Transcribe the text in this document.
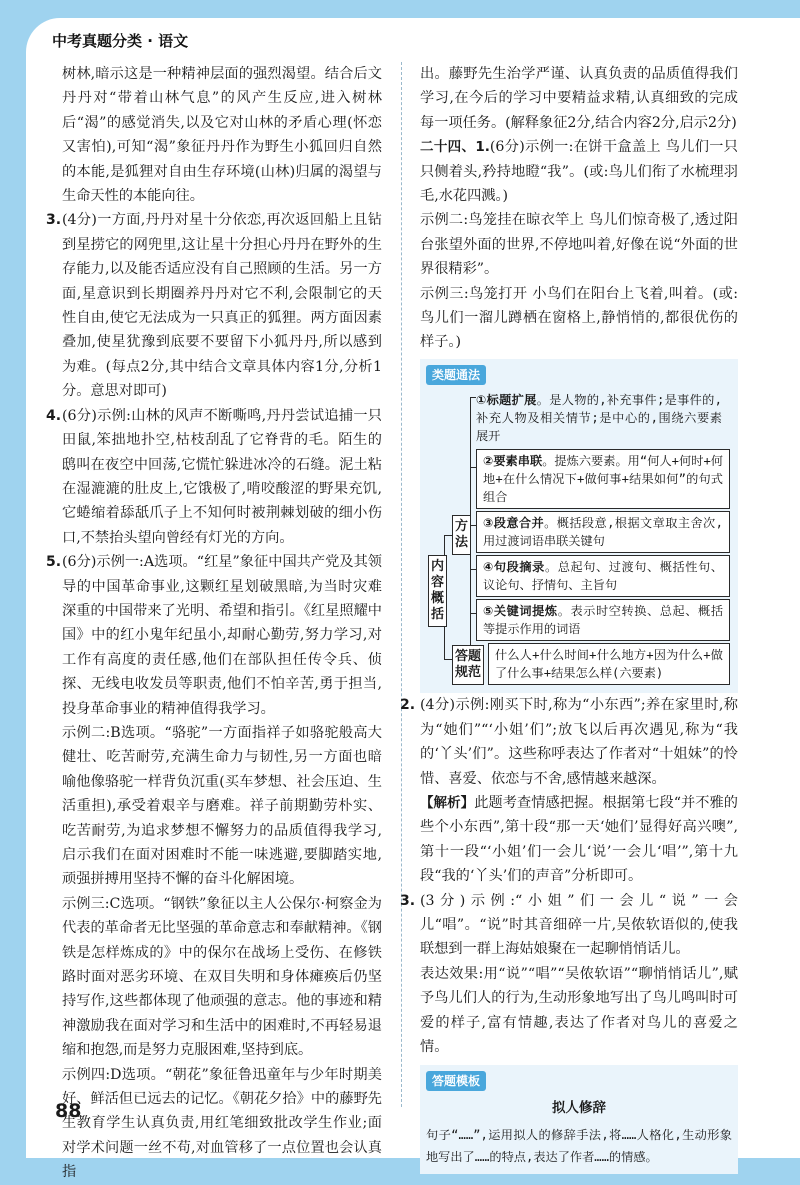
中考真题分类 · 语文

树林,暗示这是一种精神层面的强烈渴望。结合后文丹丹对“带着山林气息”的风产生反应,进入树林后“渴”的感觉消失,以及它对山林的矛盾心理(怀恋又害怕),可知“渴”象征丹丹作为野生小狐回归自然的本能,是狐狸对自由生存环境(山林)归属的渴望与生命天性的本能向往。

3. (4分)一方面,丹丹对星十分依恋,再次返回船上且钻到星捞它的网兜里,这让星十分担心丹丹在野外的生存能力,以及能否适应没有自己照顾的生活。另一方面,星意识到长期圈养丹丹对它不利,会限制它的天性自由,使它无法成为一只真正的狐狸。两方面因素叠加,使星犹豫到底要不要留下小狐丹丹,所以感到为难。(每点2分,其中结合文章具体内容1分,分析1分。意思对即可)

4. (6分)示例:山林的风声不断嘶鸣,丹丹尝试追捕一只田鼠,笨拙地扑空,枯枝刮乱了它脊背的毛。陌生的鸱叫在夜空中回荡,它慌忙躲进冰冷的石缝。泥土粘在湿漉漉的肚皮上,它饿极了,啃咬酸涩的野果充饥,它蜷缩着舔舐爪子上不知何时被荆棘划破的细小伤口,不禁抬头望向曾经有灯光的方向。

5. (6分)示例一:A选项。“红星”象征中国共产党及其领导的中国革命事业,这颗红星划破黑暗,为当时灾难深重的中国带来了光明、希望和指引。《红星照耀中国》中的红小鬼年纪虽小,却耐心勤劳,努力学习,对工作有高度的责任感,他们在部队担任传令兵、侦探、无线电收发员等职责,他们不怕辛苦,勇于担当,投身革命事业的精神值得我学习。

示例二:B选项。“骆驼”一方面指祥子如骆驼般高大健壮、吃苦耐劳,充满生命力与韧性,另一方面也暗喻他像骆驼一样背负沉重(买车梦想、社会压迫、生活重担),承受着艰辛与磨难。祥子前期勤劳朴实、吃苦耐劳,为追求梦想不懈努力的品质值得我学习,启示我们在面对困难时不能一味逃避,要脚踏实地,顽强拼搏用坚持不懈的奋斗化解困境。

示例三:C选项。“钢铁”象征以主人公保尔·柯察金为代表的革命者无比坚强的革命意志和奉献精神。《钢铁是怎样炼成的》中的保尔在战场上受伤、在修铁路时面对恶劣环境、在双目失明和身体瘫痪后仍坚持写作,这些都体现了他顽强的意志。他的事迹和精神激励我在面对学习和生活中的困难时,不再轻易退缩和抱怨,而是努力克服困难,坚持到底。

示例四:D选项。“朝花”象征鲁迅童年与少年时期美好、鲜活但已远去的记忆。《朝花夕拾》中的藤野先生教育学生认真负责,用红笔细致批改学生作业;面对学术问题一丝不苟,对血管移了一点位置也会认真指

出。藤野先生治学严谨、认真负责的品质值得我们学习,在今后的学习中要精益求精,认真细致的完成每一项任务。(解释象征2分,结合内容2分,启示2分)

二十四、1.(6分)示例一:在饼干盒盖上 鸟儿们一只只侧着头,矜持地瞪“我”。(或:鸟儿们衔了水梳理羽毛,水花四溅。)

示例二:鸟笼挂在晾衣竿上 鸟儿们惊奇极了,透过阳台张望外面的世界,不停地叫着,好像在说“外面的世界很精彩”。

示例三:鸟笼打开 小鸟们在阳台上飞着,叫着。(或:鸟儿们一溜儿蹲栖在窗格上,静悄悄的,都很优伤的样子。)

类题通法
①标题扩展。是人物的,补充事件;是事件的,补充人物及相关情节;是中心的,围绕六要素展开
②要素串联。提炼六要素。用“何人+何时+何地+在什么情况下+做何事+结果如何”的句式组合
③段意合并。概括段意,根据文章取主舍次,用过渡词语串联关键句
④句段摘录。总起句、过渡句、概括性句、议论句、抒情句、主旨句
⑤关键词提炼。表示时空转换、总起、概括等提示作用的词语
方法
内容概括
答题规范
什么人+什么时间+什么地方+因为什么+做了什么事+结果怎么样(六要素)
2. (4分)示例:刚买下时,称为“小东西”;养在家里时,称为“她们”“‘小姐’们”;放飞以后再次遇见,称为“我的‘丫头’们”。这些称呼表达了作者对“十姐妹”的怜惜、喜爱、依恋与不舍,感情越来越深。

【解析】此题考查情感把握。根据第七段“并不雅的些个小东西”,第十段“那一天‘她们’显得好高兴噢”,第十一段“‘小姐’们一会儿‘说’一会儿‘唱’”,第十九段“我的‘丫头’们的声音”分析即可。

3. (3分)示例:“小姐”们一会儿“说”一会儿“唱”。“说”时其音细碎一片,吴侬软语似的,使我联想到一群上海姑娘聚在一起聊悄悄话儿。

表达效果:用“说”“唱”“吴侬软语”“聊悄悄话儿”,赋予鸟儿们人的行为,生动形象地写出了鸟儿鸣叫时可爱的样子,富有情趣,表达了作者对鸟儿的喜爱之情。

答题模板
拟人修辞
句子“……”,运用拟人的修辞手法,将……人格化,生动形象地写出了……的特点,表达了作者……的情感。
88
